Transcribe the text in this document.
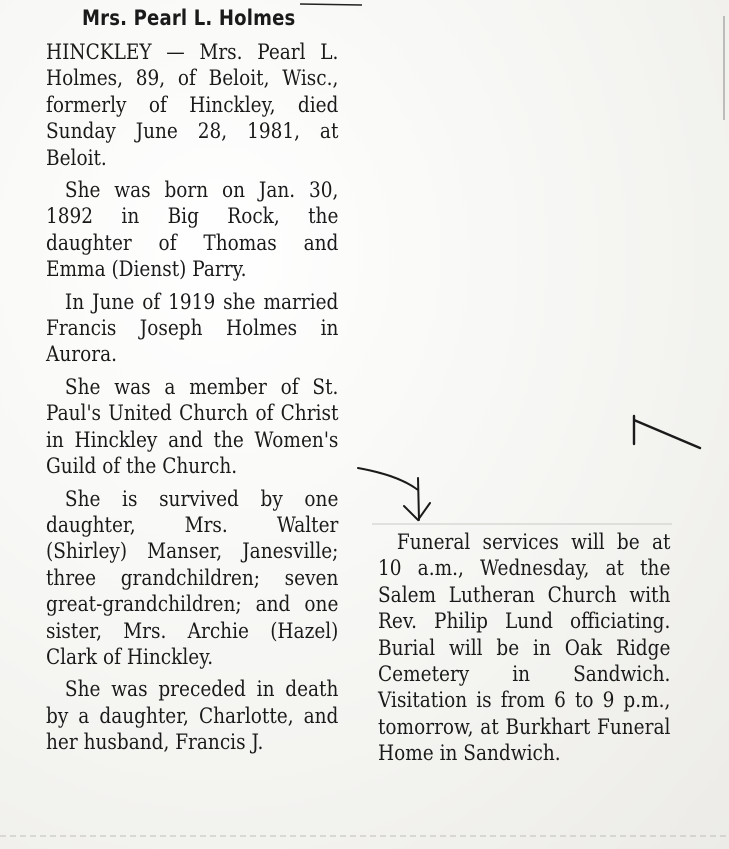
Mrs. Pearl L. Holmes

HINCKLEY — Mrs. Pearl L. Holmes, 89, of Beloit, Wisc., formerly of Hinckley, died Sunday June 28, 1981, at Beloit.

She was born on Jan. 30, 1892 in Big Rock, the daughter of Thomas and Emma (Dienst) Parry.

In June of 1919 she married Francis Joseph Holmes in Aurora.

She was a member of St. Paul's United Church of Christ in Hinckley and the Women's Guild of the Church.

She is survived by one daughter, Mrs. Walter (Shirley) Manser, Janesville; three grandchildren; seven great-grandchildren; and one sister, Mrs. Archie (Hazel) Clark of Hinckley.

She was preceded in death by a daughter, Charlotte, and her husband, Francis J.

Funeral services will be at 10 a.m., Wednesday, at the Salem Lutheran Church with Rev. Philip Lund officiating. Burial will be in Oak Ridge Cemetery in Sandwich. Visitation is from 6 to 9 p.m., tomorrow, at Burkhart Funeral Home in Sandwich.
